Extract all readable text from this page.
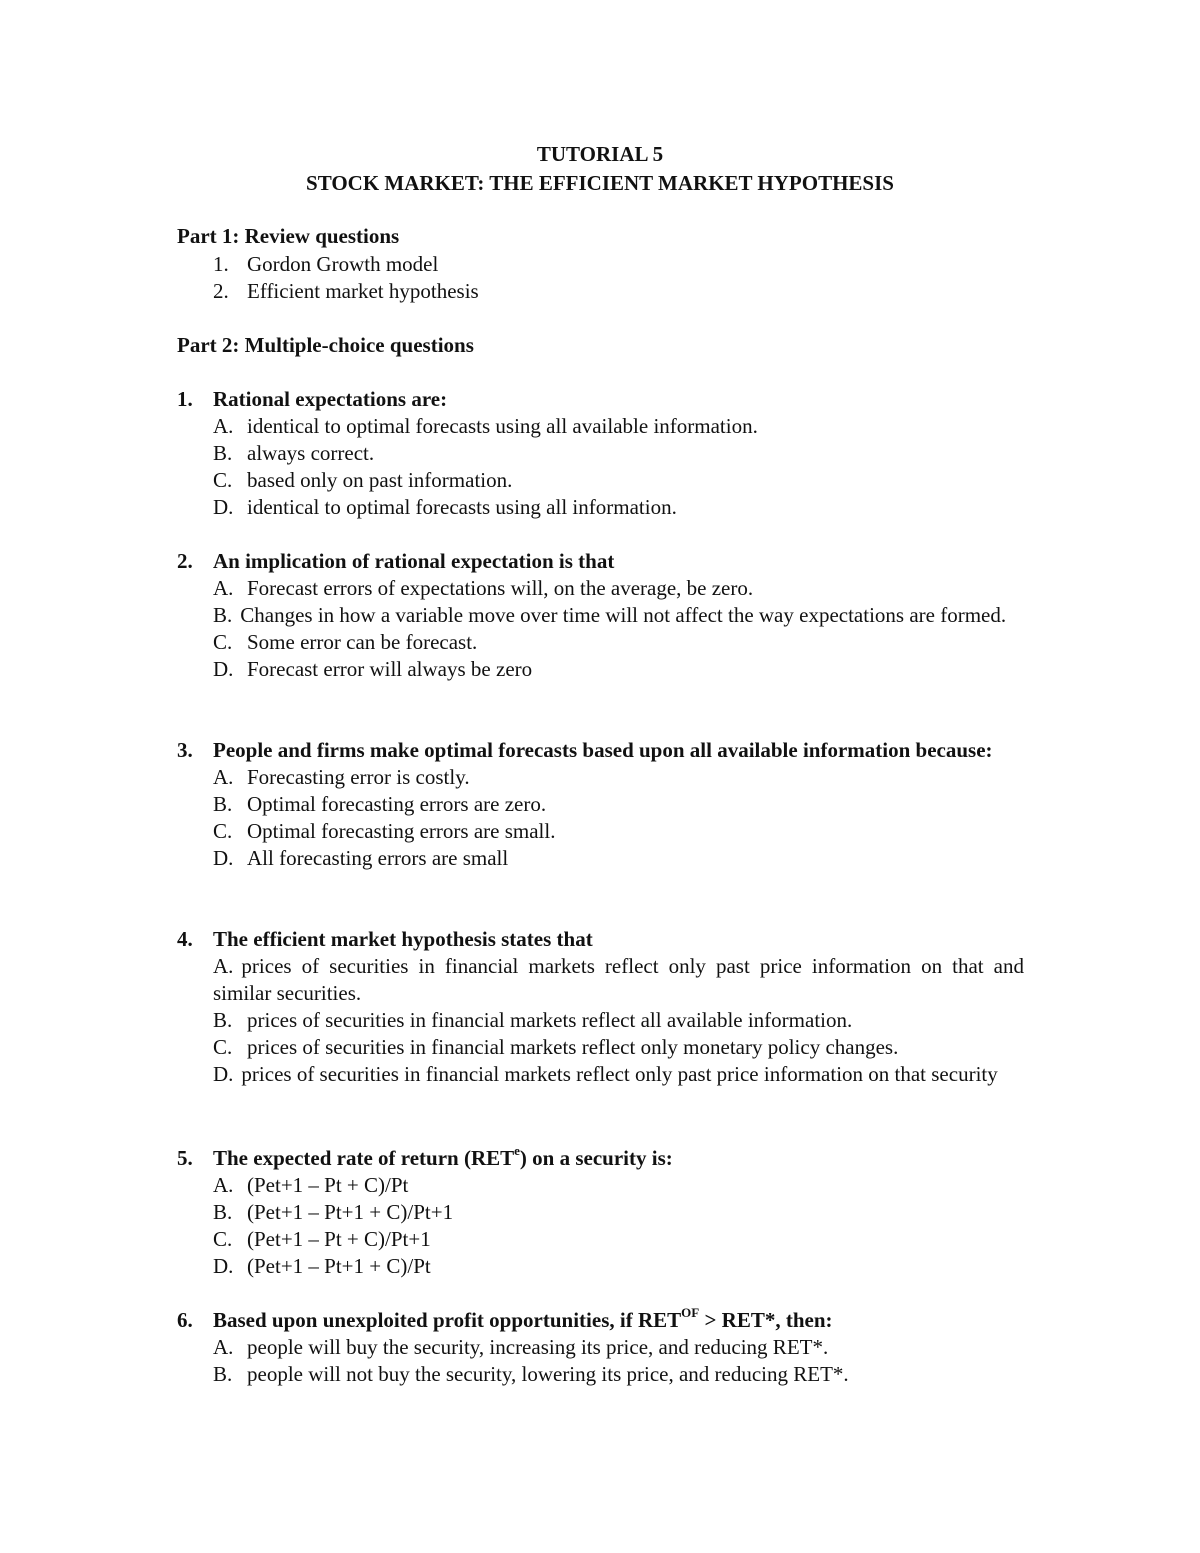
TUTORIAL 5
STOCK MARKET: THE EFFICIENT MARKET HYPOTHESIS
Part 1: Review questions
1. Gordon Growth model
2. Efficient market hypothesis
Part 2: Multiple-choice questions
1. Rational expectations are:
A. identical to optimal forecasts using all available information.
B. always correct.
C. based only on past information.
D. identical to optimal forecasts using all information.
2. An implication of rational expectation is that
A. Forecast errors of expectations will, on the average, be zero.
B. Changes in how a variable move over time will not affect the way expectations are formed.
C. Some error can be forecast.
D. Forecast error will always be zero
3. People and firms make optimal forecasts based upon all available information because:
A. Forecasting error is costly.
B. Optimal forecasting errors are zero.
C. Optimal forecasting errors are small.
D. All forecasting errors are small
4. The efficient market hypothesis states that
A. prices of securities in financial markets reflect only past price information on that and similar securities.
B. prices of securities in financial markets reflect all available information.
C. prices of securities in financial markets reflect only monetary policy changes.
D. prices of securities in financial markets reflect only past price information on that security
5. The expected rate of return (RET$^e$) on a security is:
A. (Pet+1 – Pt + C)/Pt
B. (Pet+1 – Pt+1 + C)/Pt+1
C. (Pet+1 – Pt + C)/Pt+1
D. (Pet+1 – Pt+1 + C)/Pt
6. Based upon unexploited profit opportunities, if $RET^{OF} > RET*$, then:
A. people will buy the security, increasing its price, and reducing RET*.
B. people will not buy the security, lowering its price, and reducing RET*.
